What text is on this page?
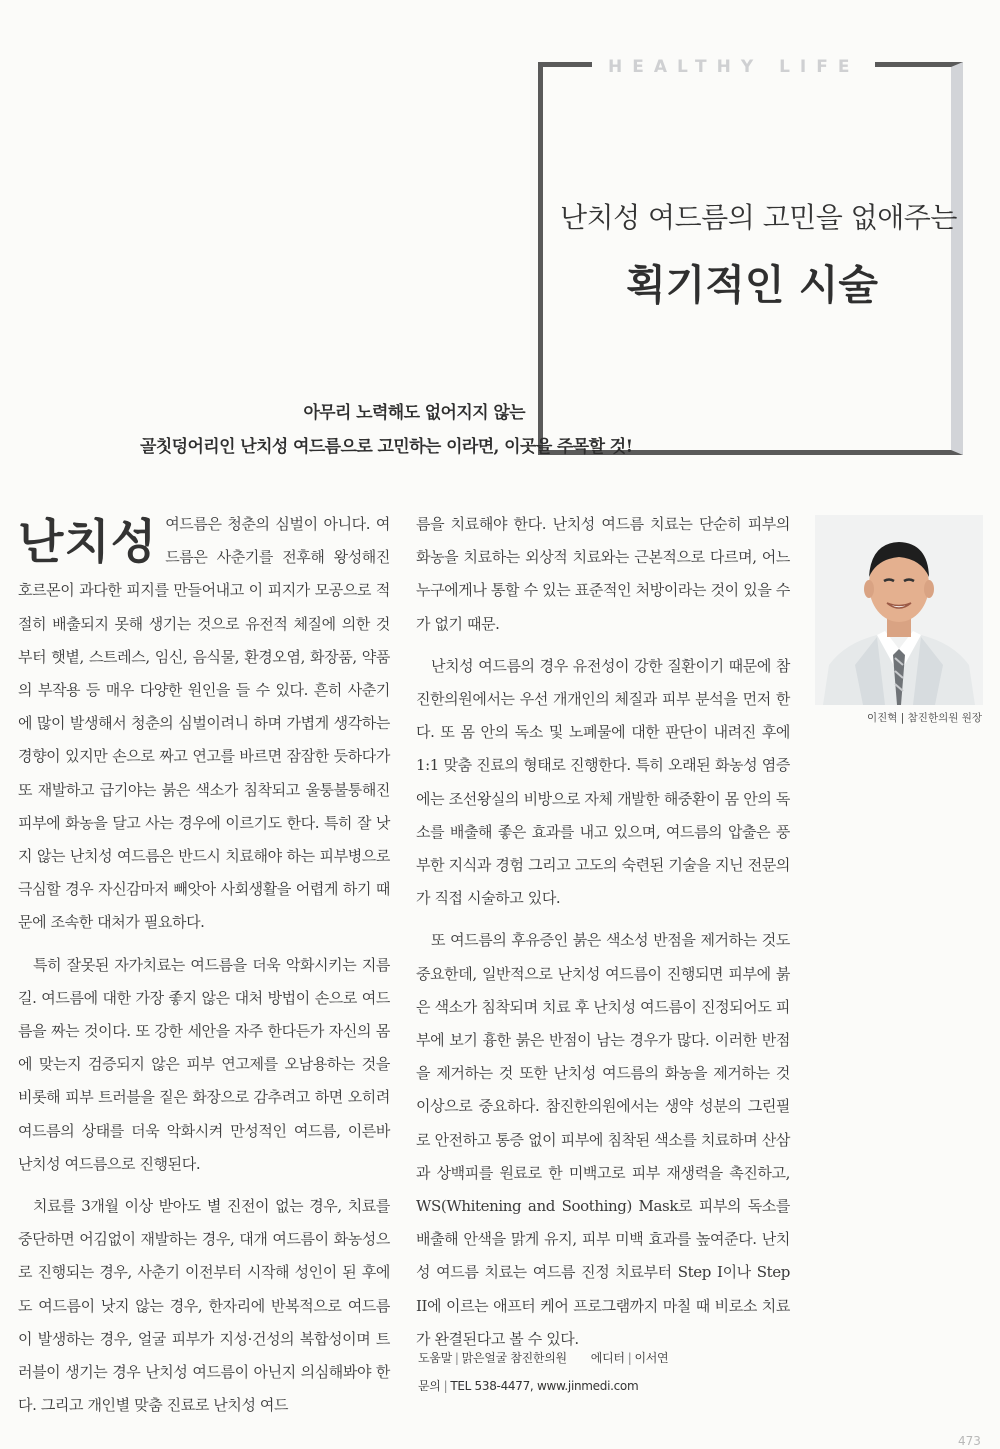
HEALTHY LIFE
난치성 여드름의 고민을 없애주는
획기적인 시술

아무리 노력해도 없어지지 않는

골칫덩어리인 난치성 여드름으로 고민하는 이라면, 이곳을 주목할 것!

난치성 여드름은 청춘의 심벌이 아니다. 여드름은 사춘기를 전후해 왕성해진 호르몬이 과다한 피지를 만들어내고 이 피지가 모공으로 적절히 배출되지 못해 생기는 것으로 유전적 체질에 의한 것부터 햇볕, 스트레스, 임신, 음식물, 환경오염, 화장품, 약품의 부작용 등 매우 다양한 원인을 들 수 있다. 흔히 사춘기에 많이 발생해서 청춘의 심벌이려니 하며 가볍게 생각하는 경향이 있지만 손으로 짜고 연고를 바르면 잠잠한 듯하다가 또 재발하고 급기야는 붉은 색소가 침착되고 울퉁불퉁해진 피부에 화농을 달고 사는 경우에 이르기도 한다. 특히 잘 낫지 않는 난치성 여드름은 반드시 치료해야 하는 피부병으로 극심할 경우 자신감마저 빼앗아 사회생활을 어렵게 하기 때문에 조속한 대처가 필요하다.

특히 잘못된 자가치료는 여드름을 더욱 악화시키는 지름길. 여드름에 대한 가장 좋지 않은 대처 방법이 손으로 여드름을 짜는 것이다. 또 강한 세안을 자주 한다든가 자신의 몸에 맞는지 검증되지 않은 피부 연고제를 오남용하는 것을 비롯해 피부 트러블을 짙은 화장으로 감추려고 하면 오히려 여드름의 상태를 더욱 악화시켜 만성적인 여드름, 이른바 난치성 여드름으로 진행된다.

치료를 3개월 이상 받아도 별 진전이 없는 경우, 치료를 중단하면 어김없이 재발하는 경우, 대개 여드름이 화농성으로 진행되는 경우, 사춘기 이전부터 시작해 성인이 된 후에도 여드름이 낫지 않는 경우, 한자리에 반복적으로 여드름이 발생하는 경우, 얼굴 피부가 지성·건성의 복합성이며 트러블이 생기는 경우 난치성 여드름이 아닌지 의심해봐야 한다. 그리고 개인별 맞춤 진료로 난치성 여드

름을 치료해야 한다. 난치성 여드름 치료는 단순히 피부의 화농을 치료하는 외상적 치료와는 근본적으로 다르며, 어느 누구에게나 통할 수 있는 표준적인 처방이라는 것이 있을 수가 없기 때문.

난치성 여드름의 경우 유전성이 강한 질환이기 때문에 참진한의원에서는 우선 개개인의 체질과 피부 분석을 먼저 한다. 또 몸 안의 독소 및 노폐물에 대한 판단이 내려진 후에 1:1 맞춤 진료의 형태로 진행한다. 특히 오래된 화농성 염증에는 조선왕실의 비방으로 자체 개발한 해중환이 몸 안의 독소를 배출해 좋은 효과를 내고 있으며, 여드름의 압출은 풍부한 지식과 경험 그리고 고도의 숙련된 기술을 지닌 전문의가 직접 시술하고 있다.

또 여드름의 후유증인 붉은 색소성 반점을 제거하는 것도 중요한데, 일반적으로 난치성 여드름이 진행되면 피부에 붉은 색소가 침착되며 치료 후 난치성 여드름이 진정되어도 피부에 보기 흉한 붉은 반점이 남는 경우가 많다. 이러한 반점을 제거하는 것 또한 난치성 여드름의 화농을 제거하는 것 이상으로 중요하다. 참진한의원에서는 생약 성분의 그린필로 안전하고 통증 없이 피부에 침착된 색소를 치료하며 산삼과 상백피를 원료로 한 미백고로 피부 재생력을 촉진하고, WS(Whitening and Soothing) Mask로 피부의 독소를 배출해 안색을 맑게 유지, 피부 미백 효과를 높여준다. 난치성 여드름 치료는 여드름 진정 치료부터 Step I이나 Step II에 이르는 애프터 케어 프로그램까지 마칠 때 비로소 치료가 완결된다고 볼 수 있다.

이진혁 | 참진한의원 원장
도움말 | 맑은얼굴 참진한의원 에디터 | 이서연
문의 | TEL 538-4477, www.jinmedi.com
473
